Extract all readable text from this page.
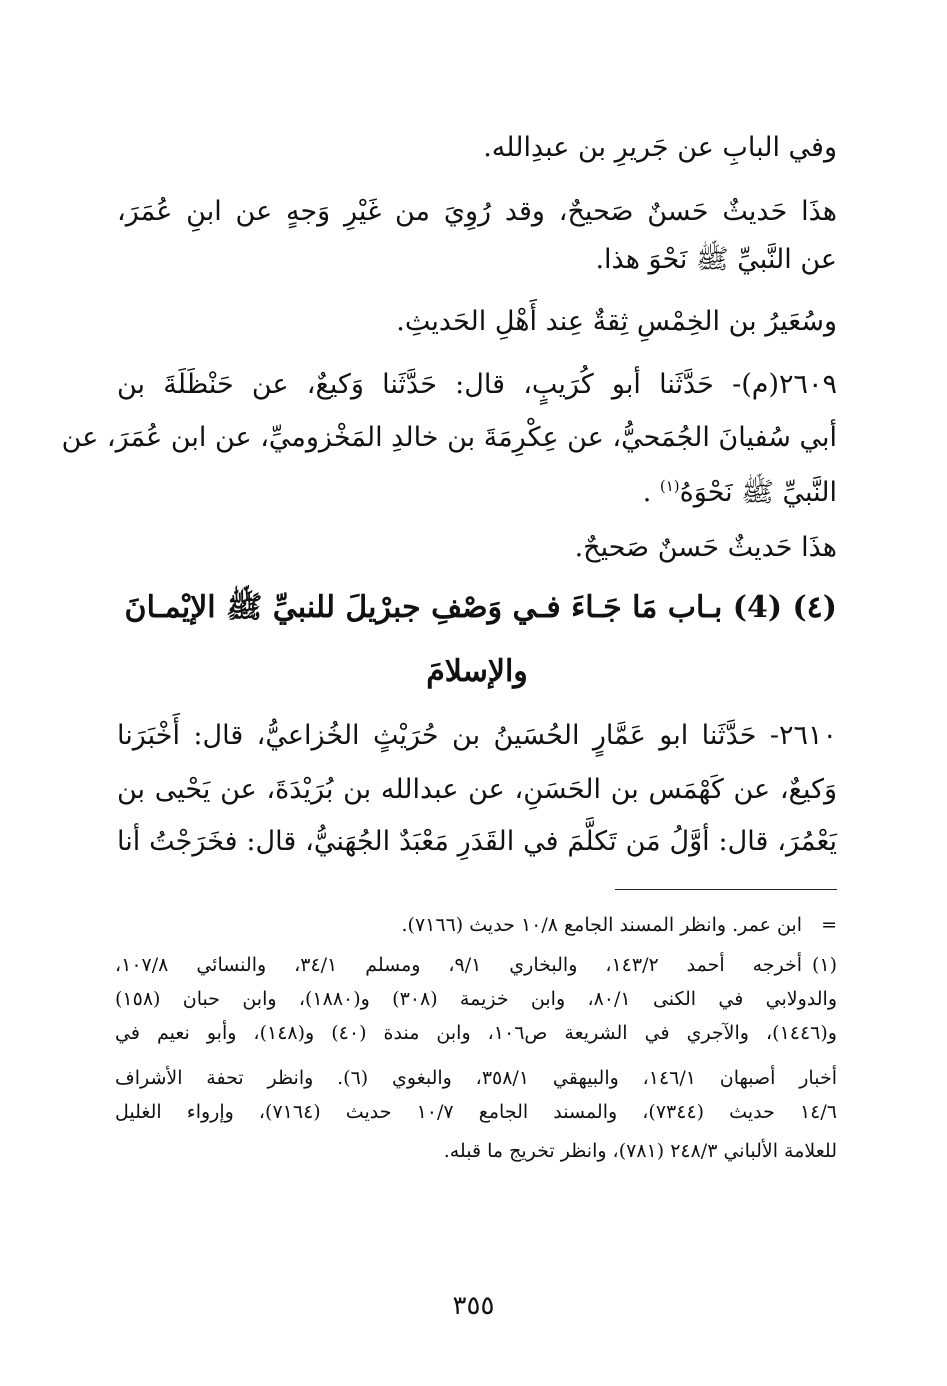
وفي البابِ عن جَريرِ بن عبدِالله.
هذَا حَديثٌ حَسنٌ صَحيحٌ، وقد رُوِيَ من غَيْرِ وَجهٍ عن ابنِ عُمَرَ،
عن النَّبيِّ ﷺ نَحْوَ هذا.
وسُعَيرُ بن الخِمْسِ ثِقةٌ عِند أَهْلِ الحَديثِ.
٢٦٠٩(م)- حَدَّثَنا أبو كُرَيبٍ، قال: حَدَّثَنا وَكيعٌ، عن حَنْظَلَةَ بن
أبي سُفيانَ الجُمَحيُّ، عن عِكْرِمَةَ بن خالدِ المَخْزوميِّ، عن ابن عُمَرَ، عن
النَّبيِّ ﷺ نَحْوَهُ$^{(١)}$ .
هذَا حَديثٌ حَسنٌ صَحيحٌ.
(٤) (4) بـاب مَا جَـاءَ فـي وَصْفِ جبرْيلَ للنبيِّ ﷺ الإيْمـانَ
والإسلامَ
٢٦١٠- حَدَّثَنا ابو عَمَّارٍ الحُسَينُ بن حُرَيْثٍ الخُزاعيُّ، قال: أَخْبَرَنا
وَكيعٌ، عن كَهْمَس بن الحَسَنِ، عن عبدالله بن بُرَيْدَةَ، عن يَحْيى بن
يَعْمُرَ، قال: أوَّلُ مَن تَكلَّمَ في القَدَرِ مَعْبَدٌ الجُهَنيُّ، قال: فخَرَجْتُ أنا
=
ابن عمر. وانظر المسند الجامع ١٠/٨ حديث (٧١٦٦).
(١)
أخرجه أحمد ١٤٣/٢، والبخاري ٩/١، ومسلم ٣٤/١، والنسائي ١٠٧/٨،
والدولابي في الكنى ٨٠/١، وابن خزيمة (٣٠٨) و(١٨٨٠)، وابن حبان (١٥٨)
و(١٤٤٦)، والآجري في الشريعة ص١٠٦، وابن مندة (٤٠) و(١٤٨)، وأبو نعيم في
أخبار أصبهان ١٤٦/١، والبيهقي ٣٥٨/١، والبغوي (٦). وانظر تحفة الأشراف
١٤/٦ حديث (٧٣٤٤)، والمسند الجامع ١٠/٧ حديث (٧١٦٤)، وإرواء الغليل
للعلامة الألباني ٢٤٨/٣ (٧٨١)، وانظر تخريج ما قبله.
٣٥٥
